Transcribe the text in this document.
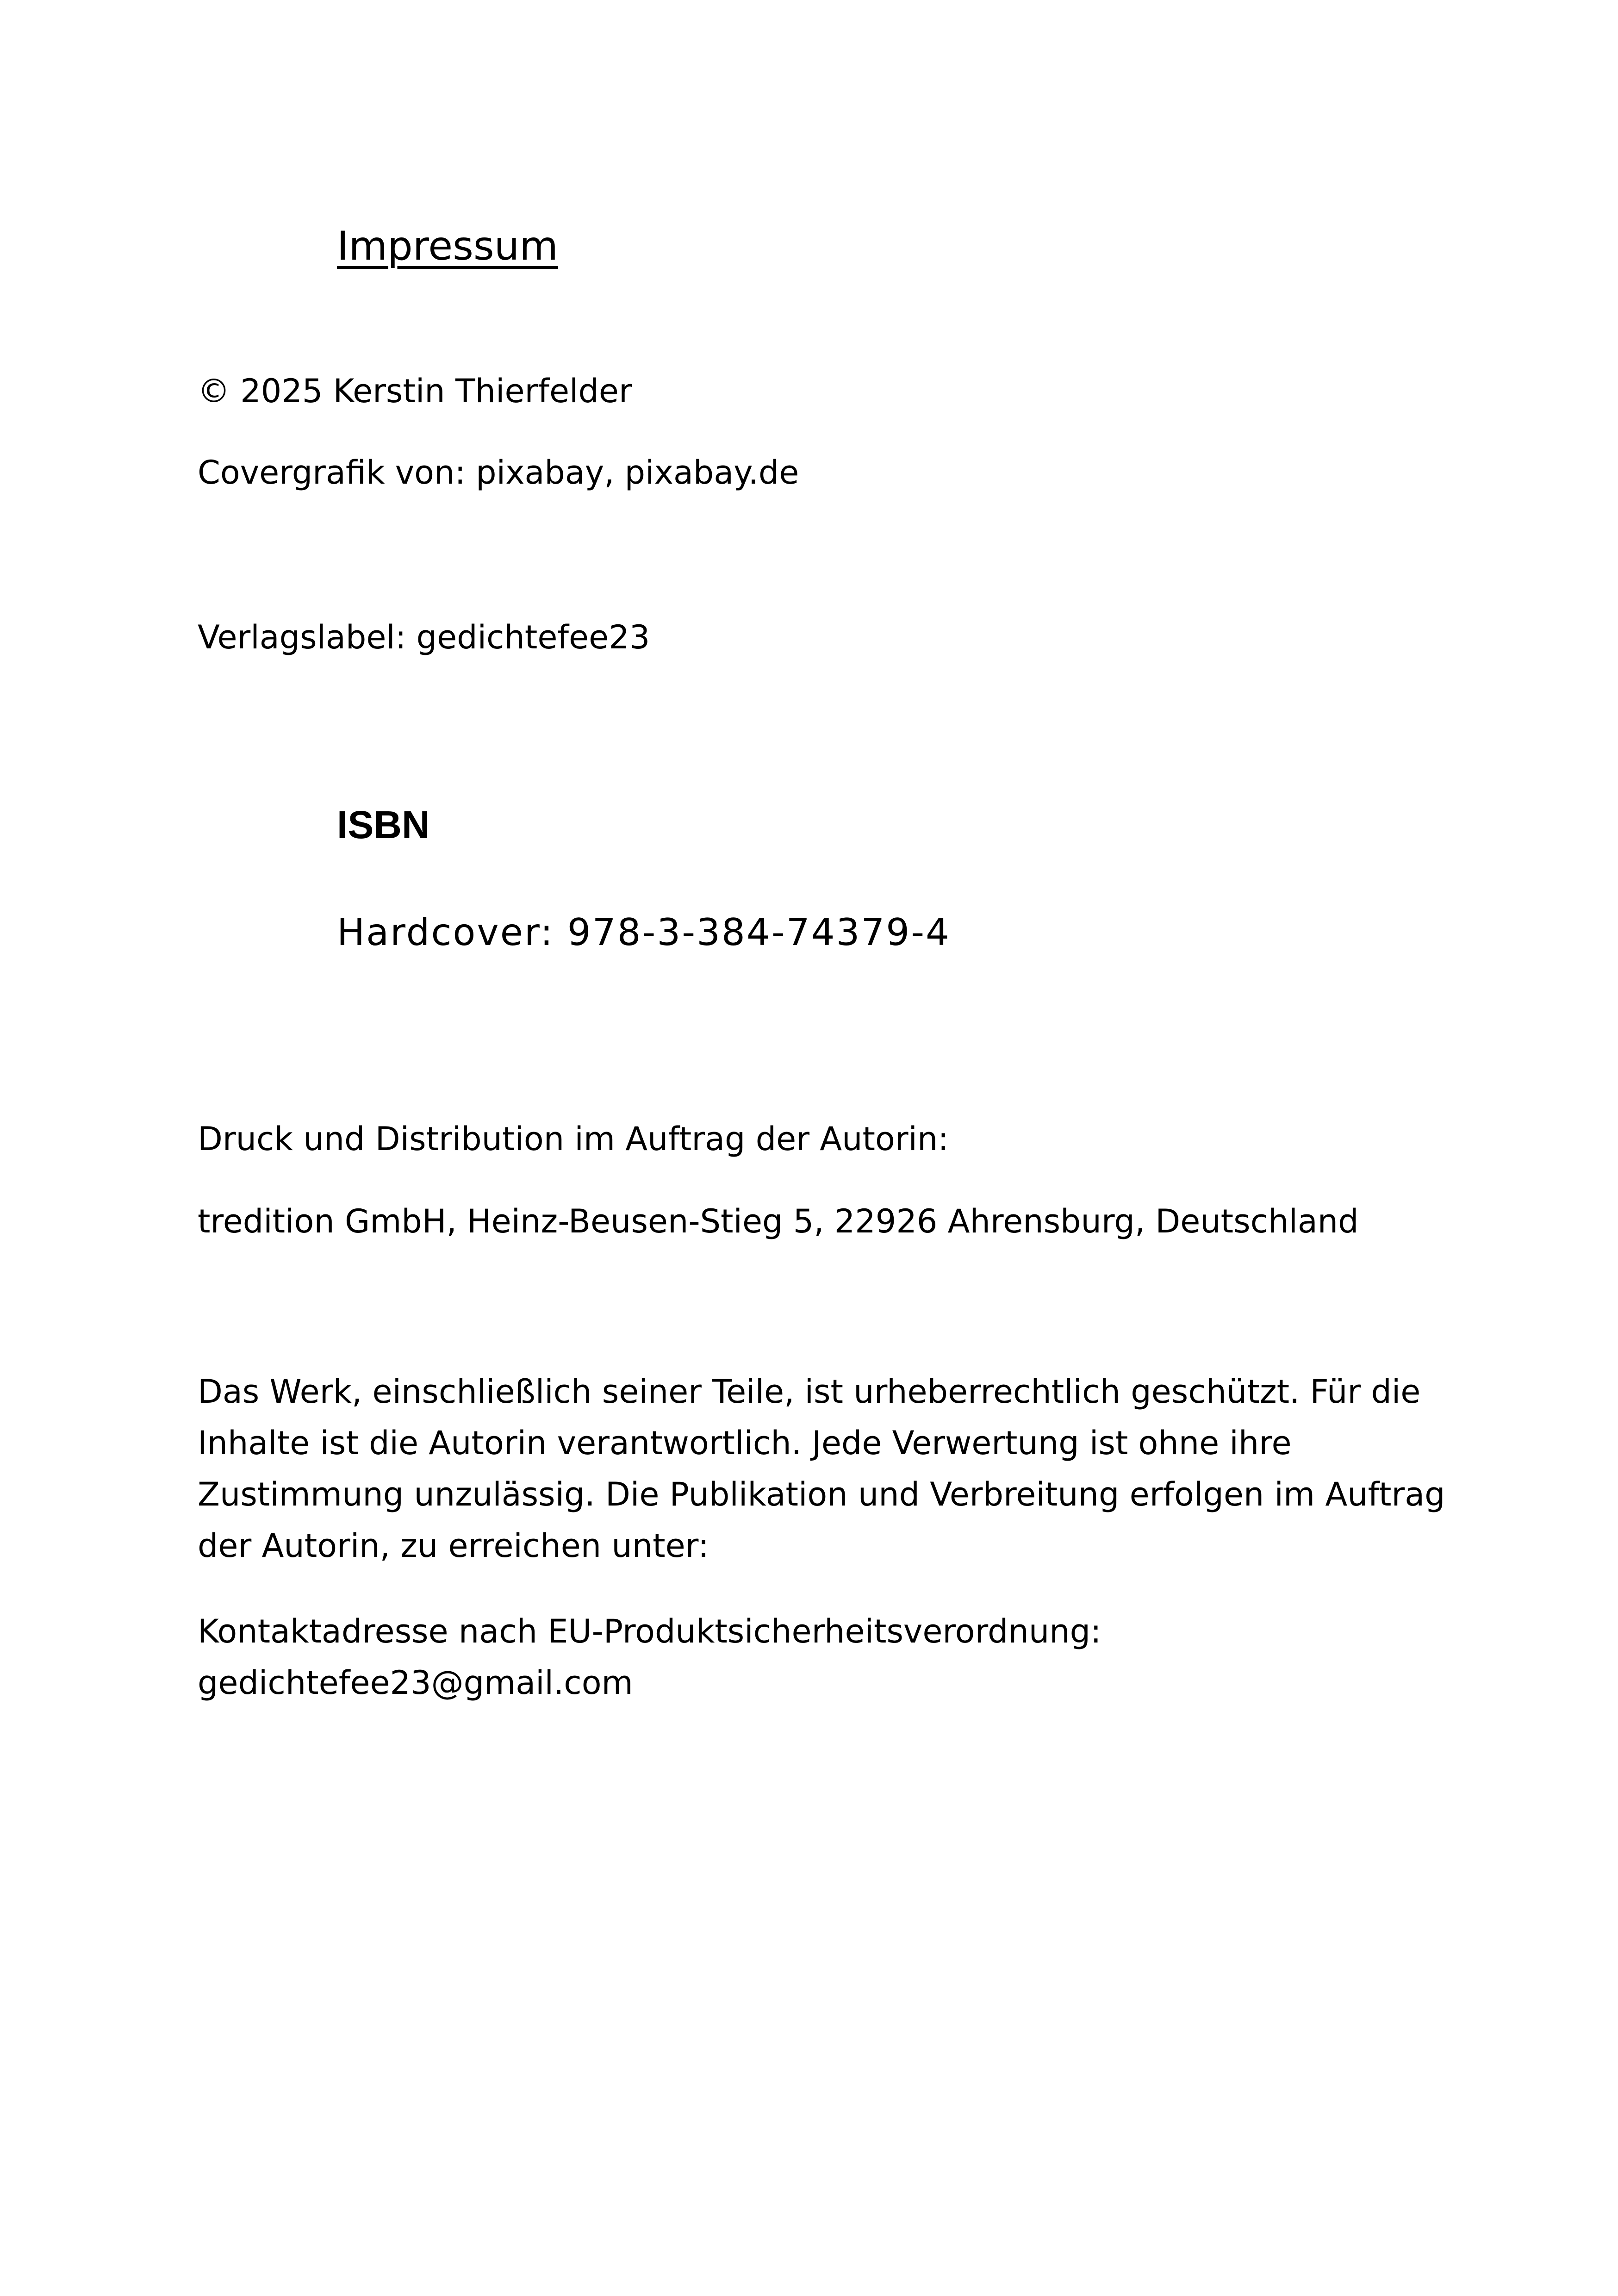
Impressum
© 2025 Kerstin Thierfelder
Covergrafik von: pixabay, pixabay.de
Verlagslabel: gedichtefee23
ISBN
Hardcover: 978-3-384-74379-4
Druck und Distribution im Auftrag der Autorin:
tredition GmbH, Heinz-Beusen-Stieg 5, 22926 Ahrensburg, Deutschland
Das Werk, einschließlich seiner Teile, ist urheberrechtlich geschützt. Für die
Inhalte ist die Autorin verantwortlich. Jede Verwertung ist ohne ihre
Zustimmung unzulässig. Die Publikation und Verbreitung erfolgen im Auftrag
der Autorin, zu erreichen unter:
Kontaktadresse nach EU-Produktsicherheitsverordnung:
gedichtefee23@gmail.com
